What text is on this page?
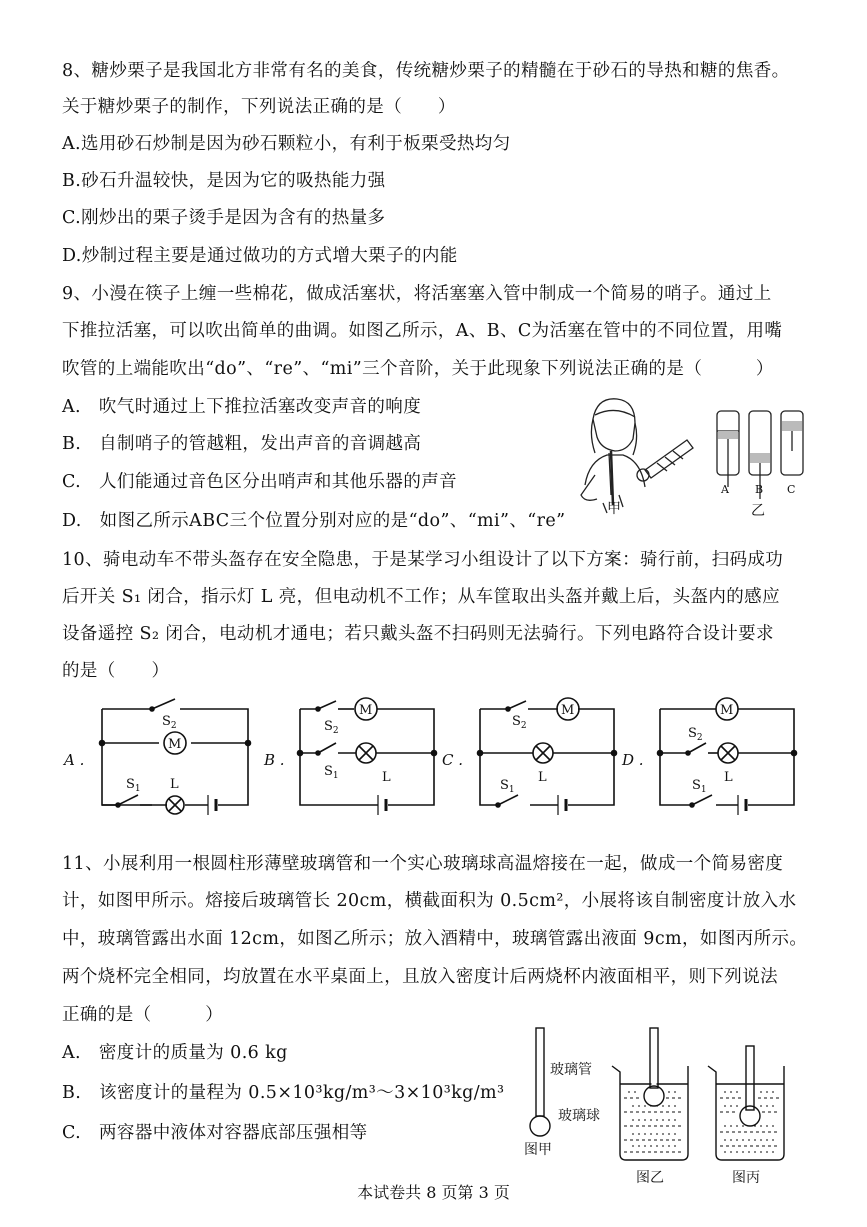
8、糖炒栗子是我国北方非常有名的美食，传统糖炒栗子的精髓在于砂石的导热和糖的焦香。
关于糖炒栗子的制作，下列说法正确的是（　　）
A.选用砂石炒制是因为砂石颗粒小，有利于板栗受热均匀
B.砂石升温较快，是因为它的吸热能力强
C.刚炒出的栗子烫手是因为含有的热量多
D.炒制过程主要是通过做功的方式增大栗子的内能
9、小漫在筷子上缠一些棉花，做成活塞状，将活塞塞入管中制成一个简易的哨子。通过上
下推拉活塞，可以吹出简单的曲调。如图乙所示，A、B、C为活塞在管中的不同位置，用嘴
吹管的上端能吹出“do”、“re”、“mi”三个音阶，关于此现象下列说法正确的是（　　　）
A.　吹气时通过上下推拉活塞改变声音的响度
B.　自制哨子的管越粗，发出声音的音调越高
C.　人们能通过音色区分出哨声和其他乐器的声音
D.　如图乙所示ABC三个位置分别对应的是“do”、“mi”、“re”
甲
A B C
乙
10、骑电动车不带头盔存在安全隐患，于是某学习小组设计了以下方案：骑行前，扫码成功
后开关 S₁ 闭合，指示灯 L 亮，但电动机不工作；从车筐取出头盔并戴上后，头盔内的感应
设备遥控 S₂ 闭合，电动机才通电；若只戴头盔不扫码则无法骑行。下列电路符合设计要求
的是（　　）
A .
M
$S_2$
$S_1$ L
B .
M
$S_2$
$S_1$	L
C .
M
$S_2$
$S_1$
L
D .
M
$S_2$
$S_1$
L
11、小展利用一根圆柱形薄壁玻璃管和一个实心玻璃球高温熔接在一起，做成一个简易密度
计，如图甲所示。熔接后玻璃管长 20cm，横截面积为 0.5cm²，小展将该自制密度计放入水
中，玻璃管露出水面 12cm，如图乙所示；放入酒精中，玻璃管露出液面 9cm，如图丙所示。
两个烧杯完全相同，均放置在水平桌面上，且放入密度计后两烧杯内液面相平，则下列说法
正确的是（　　　）
A.　密度计的质量为 0.6 kg
B.　该密度计的量程为 0.5×10³kg/m³～3×10³kg/m³
C.　两容器中液体对容器底部压强相等
玻璃管
玻璃球
图甲
图乙	图丙
本试卷共 8 页第 3 页
